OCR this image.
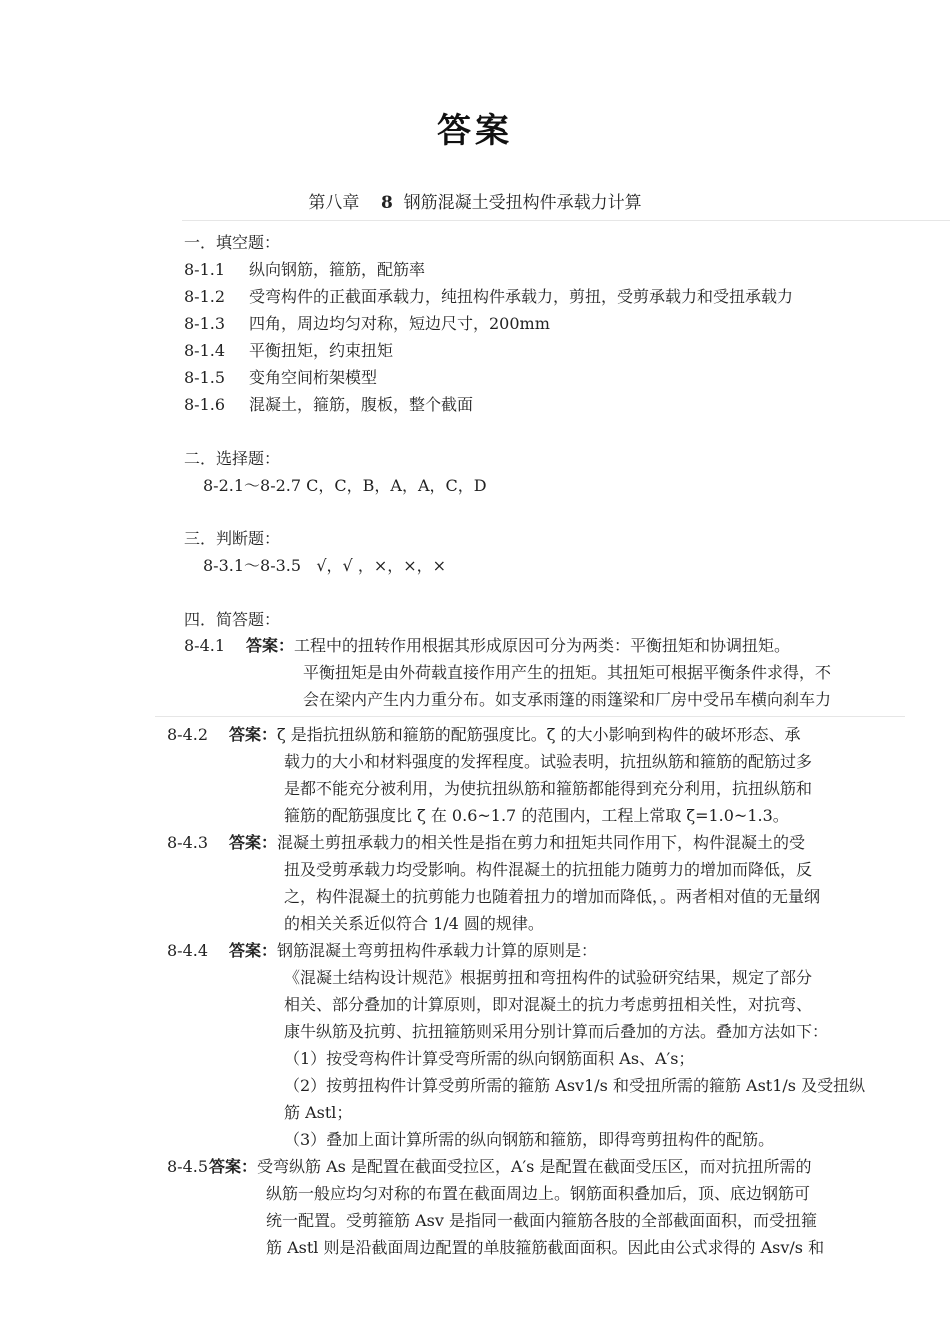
答案
第八章 8 钢筋混凝土受扭构件承载力计算
一．填空题：
8-1.1 纵向钢筋，箍筋，配筋率
8-1.2 受弯构件的正截面承载力，纯扭构件承载力，剪扭，受剪承载力和受扭承载力
8-1.3 四角，周边均匀对称，短边尺寸，200mm
8-1.4 平衡扭矩，约束扭矩
8-1.5 变角空间桁架模型
8-1.6 混凝土，箍筋，腹板，整个截面
二．选择题：
8-2.1～8-2.7 C，C，B，A，A，C，D
三．判断题：
8-3.1～8-3.5 √，√ ，×，×，×
四．简答题：
8-4.1 答案：工程中的扭转作用根据其形成原因可分为两类：平衡扭矩和协调扭矩。
平衡扭矩是由外荷载直接作用产生的扭矩。其扭矩可根据平衡条件求得，不
会在梁内产生内力重分布。如支承雨篷的雨篷梁和厂房中受吊车横向刹车力
8-4.2 答案：ζ 是指抗扭纵筋和箍筋的配筋强度比。ζ 的大小影响到构件的破坏形态、承
载力的大小和材料强度的发挥程度。试验表明，抗扭纵筋和箍筋的配筋过多
是都不能充分被利用，为使抗扭纵筋和箍筋都能得到充分利用，抗扭纵筋和
箍筋的配筋强度比 ζ 在 0.6~1.7 的范围内，工程上常取 ζ=1.0~1.3。
8-4.3 答案：混凝土剪扭承载力的相关性是指在剪力和扭矩共同作用下，构件混凝土的受
扭及受剪承载力均受影响。构件混凝土的抗扭能力随剪力的增加而降低，反
之，构件混凝土的抗剪能力也随着扭力的增加而降低，。两者相对值的无量纲
的相关关系近似符合 1/4 圆的规律。
8-4.4 答案：钢筋混凝土弯剪扭构件承载力计算的原则是：
《混凝土结构设计规范》根据剪扭和弯扭构件的试验研究结果，规定了部分
相关、部分叠加的计算原则，即对混凝土的抗力考虑剪扭相关性，对抗弯、
康牛纵筋及抗剪、抗扭箍筋则采用分别计算而后叠加的方法。叠加方法如下：
（1）按受弯构件计算受弯所需的纵向钢筋面积 As、A′s；
（2）按剪扭构件计算受剪所需的箍筋 Asv1/s 和受扭所需的箍筋 Ast1/s 及受扭纵
筋 Astl；
（3）叠加上面计算所需的纵向钢筋和箍筋，即得弯剪扭构件的配筋。
8-4.5答案：受弯纵筋 As 是配置在截面受拉区，A′s 是配置在截面受压区，而对抗扭所需的
纵筋一般应均匀对称的布置在截面周边上。钢筋面积叠加后，顶、底边钢筋可
统一配置。受剪箍筋 Asv 是指同一截面内箍筋各肢的全部截面面积，而受扭箍
筋 Astl 则是沿截面周边配置的单肢箍筋截面面积。因此由公式求得的 Asv/s 和
